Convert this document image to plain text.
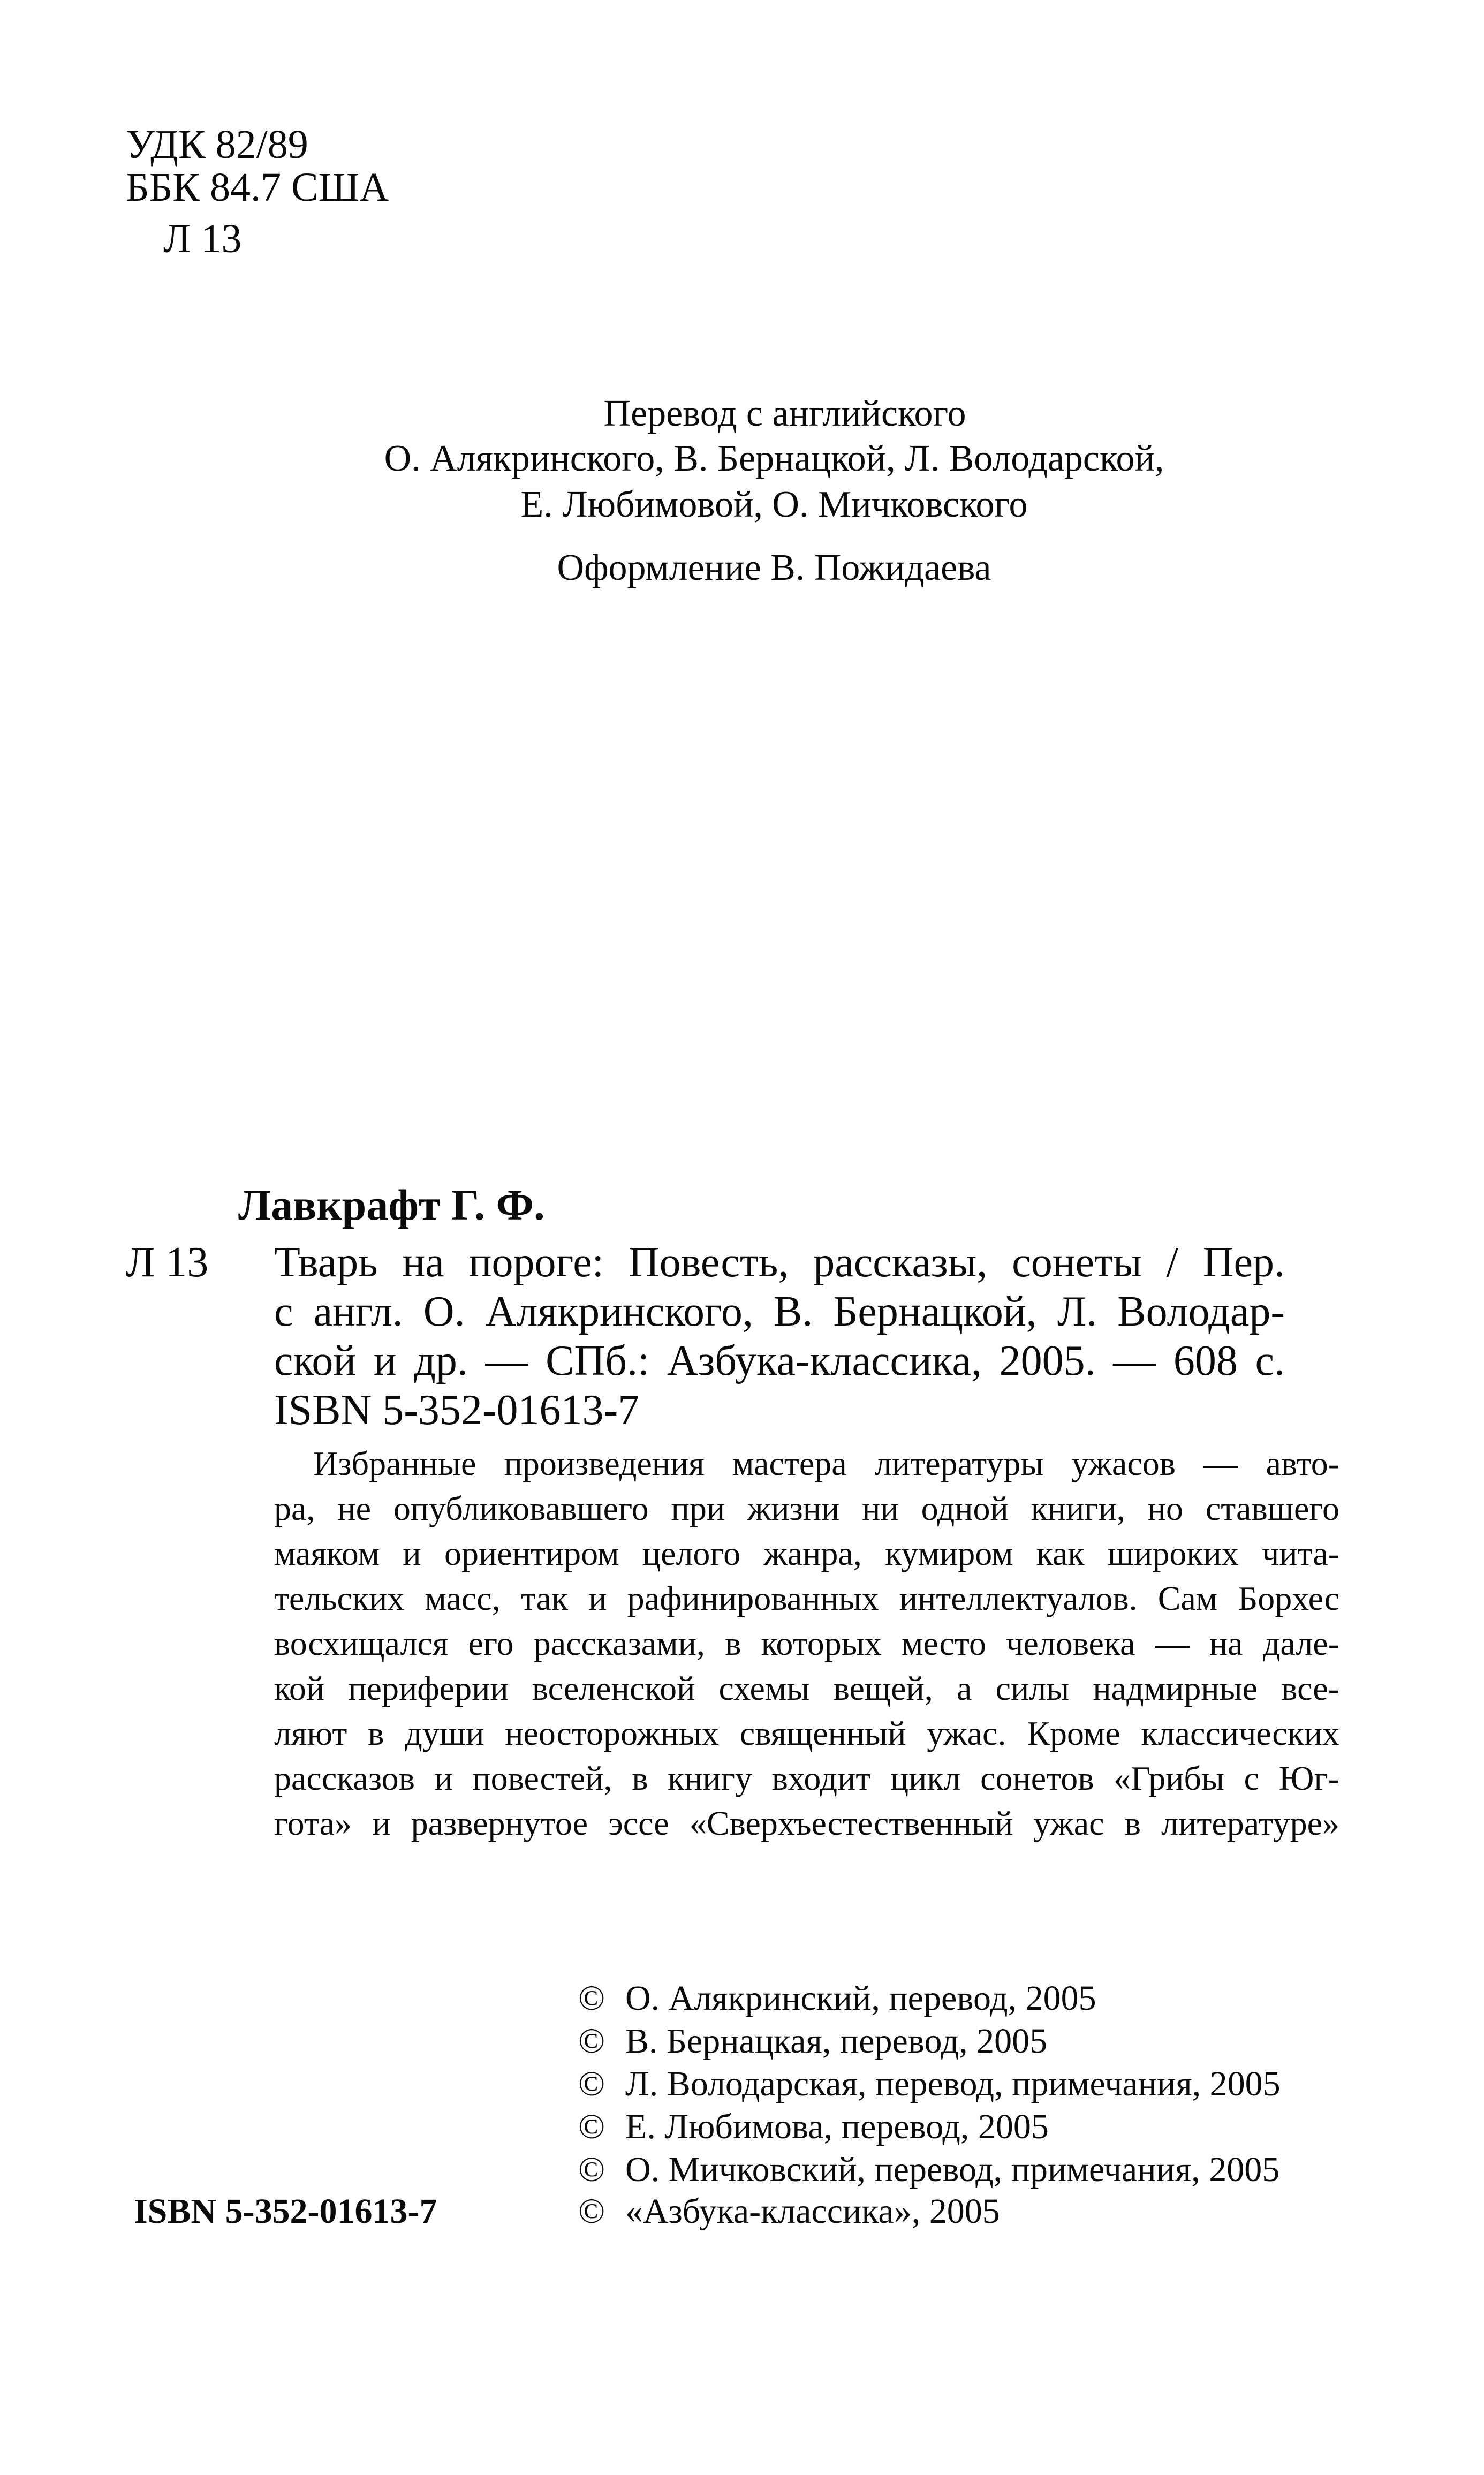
УДК 82/89
ББК 84.7 США
Л 13
Перевод с английского
О. Алякринского, В. Бернацкой, Л. Володарской,
Е. Любимовой, О. Мичковского
Оформление В. Пожидаева
Лавкрафт Г. Ф.
Л 13 Тварь на пороге: Повесть, рассказы, сонеты / Пер.
с англ. О. Алякринского, В. Бернацкой, Л. Володар-
ской и др. — СПб.: Азбука-классика, 2005. — 608 с.
ISBN 5-352-01613-7
Избранные произведения мастера литературы ужасов — авто-
ра, не опубликовавшего при жизни ни одной книги, но ставшего
маяком и ориентиром целого жанра, кумиром как широких чита-
тельских масс, так и рафинированных интеллектуалов. Сам Борхес
восхищался его рассказами, в которых место человека — на дале-
кой периферии вселенской схемы вещей, а силы надмирные все-
ляют в души неосторожных священный ужас. Кроме классических
рассказов и повестей, в книгу входит цикл сонетов «Грибы с Юг-
гота» и развернутое эссе «Сверхъестественный ужас в литературе»
© О. Алякринский, перевод, 2005
© В. Бернацкая, перевод, 2005
© Л. Володарская, перевод, примечания, 2005
© Е. Любимова, перевод, 2005
© О. Мичковский, перевод, примечания, 2005
© «Азбука-классика», 2005
ISBN 5-352-01613-7
